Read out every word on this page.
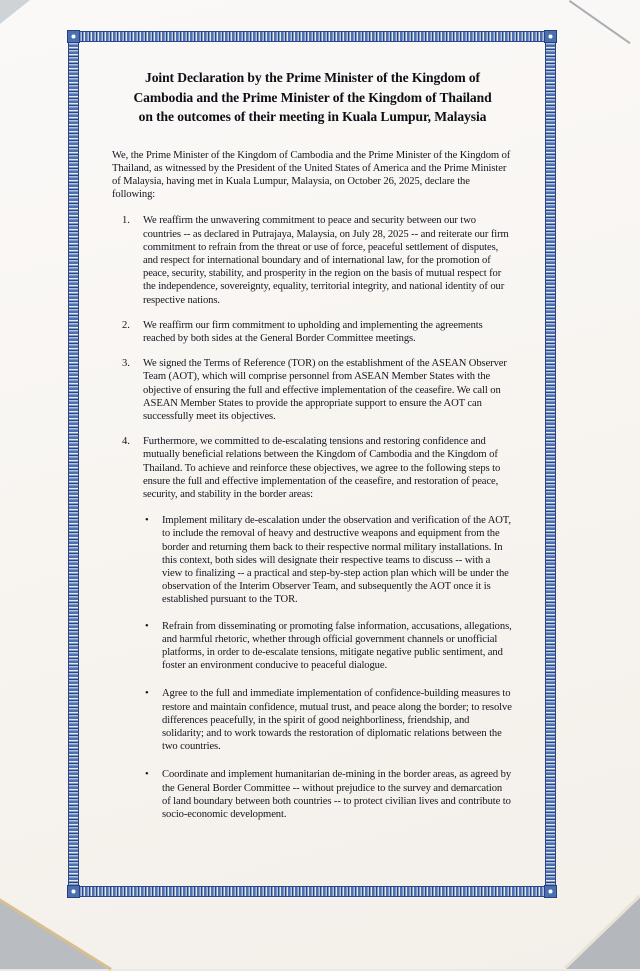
Joint Declaration by the Prime Minister of the Kingdom of
Cambodia and the Prime Minister of the Kingdom of Thailand
on the outcomes of their meeting in Kuala Lumpur, Malaysia

We, the Prime Minister of the Kingdom of Cambodia and the Prime Minister of the Kingdom of Thailand, as witnessed by the President of the United States of America and the Prime Minister of Malaysia, having met in Kuala Lumpur, Malaysia, on October 26, 2025, declare the following:

1.	We reaffirm the unwavering commitment to peace and security between our two countries -- as declared in Putrajaya, Malaysia, on July 28, 2025 -- and reiterate our firm commitment to refrain from the threat or use of force, peaceful settlement of disputes, and respect for international boundary and of international law, for the promotion of peace, security, stability, and prosperity in the region on the basis of mutual respect for the independence, sovereignty, equality, territorial integrity, and national identity of our respective nations.
2.	We reaffirm our firm commitment to upholding and implementing the agreements reached by both sides at the General Border Committee meetings.
3.	We signed the Terms of Reference (TOR) on the establishment of the ASEAN Observer Team (AOT), which will comprise personnel from ASEAN Member States with the objective of ensuring the full and effective implementation of the ceasefire. We call on ASEAN Member States to provide the appropriate support to ensure the AOT can successfully meet its objectives.
4.	Furthermore, we committed to de-escalating tensions and restoring confidence and mutually beneficial relations between the Kingdom of Cambodia and the Kingdom of Thailand. To achieve and reinforce these objectives, we agree to the following steps to ensure the full and effective implementation of the ceasefire, and restoration of peace, security, and stability in the border areas:
•	Implement military de-escalation under the observation and verification of the AOT, to include the removal of heavy and destructive weapons and equipment from the border and returning them back to their respective normal military installations. In this context, both sides will designate their respective teams to discuss -- with a view to finalizing -- a practical and step-by-step action plan which will be under the observation of the Interim Observer Team, and subsequently the AOT once it is established pursuant to the TOR.
•	Refrain from disseminating or promoting false information, accusations, allegations, and harmful rhetoric, whether through official government channels or unofficial platforms, in order to de-escalate tensions, mitigate negative public sentiment, and foster an environment conducive to peaceful dialogue.
•	Agree to the full and immediate implementation of confidence-building measures to restore and maintain confidence, mutual trust, and peace along the border; to resolve differences peacefully, in the spirit of good neighborliness, friendship, and solidarity; and to work towards the restoration of diplomatic relations between the two countries.
•	Coordinate and implement humanitarian de-mining in the border areas, as agreed by the General Border Committee -- without prejudice to the survey and demarcation of land boundary between both countries -- to protect civilian lives and contribute to socio-economic development.
